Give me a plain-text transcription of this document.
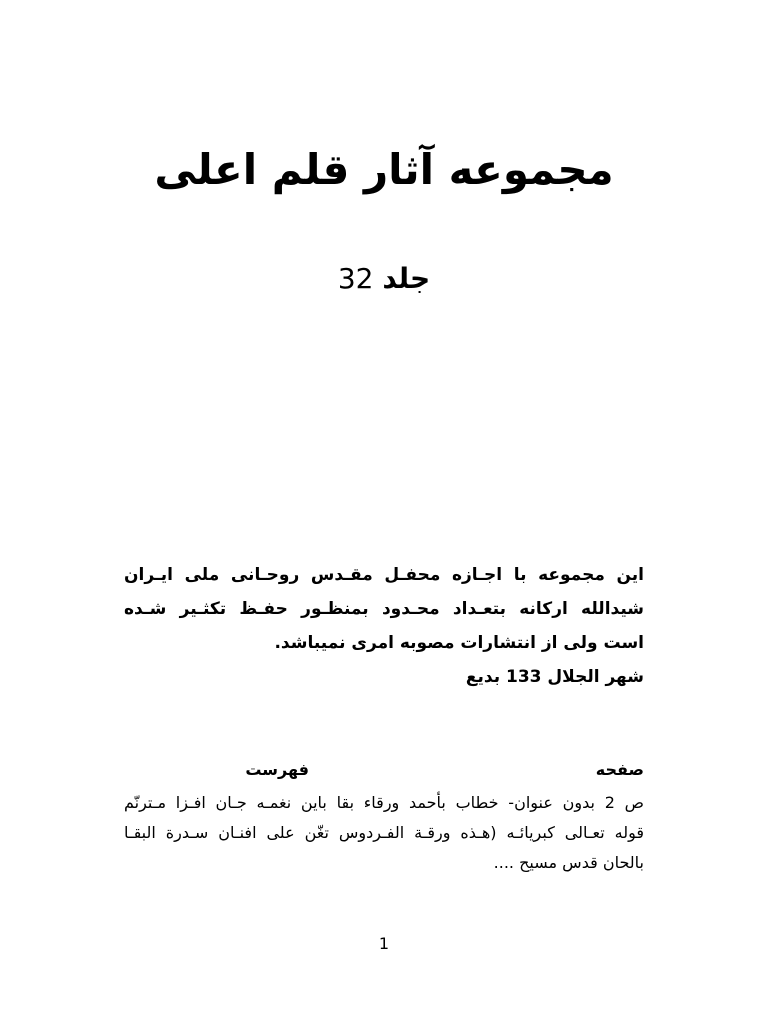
مجموعه آثار قلم اعلی
جلد 32
این مجموعه با اجـازه محفـل مقـدس روحـانی ملی ایـران
شیدالله ارکانه بتعـداد محـدود بمنظـور حفـظ تکثـیر شـده
است ولی از انتشارات مصوبه امری نمیباشد.
شهر الجلال 133 بدیع
صفحه
فهرست
ص 2 بدون عنوان- خطاب بأحمد ورقاء بقا باین نغمـه جـان افـزا مـترنّم
قوله تعـالی کبریائـه (هـذه ورقـة الفـردوس تغّن علی افنـان سـدرة البقـا
بالحان قدس مسیح ....
1
